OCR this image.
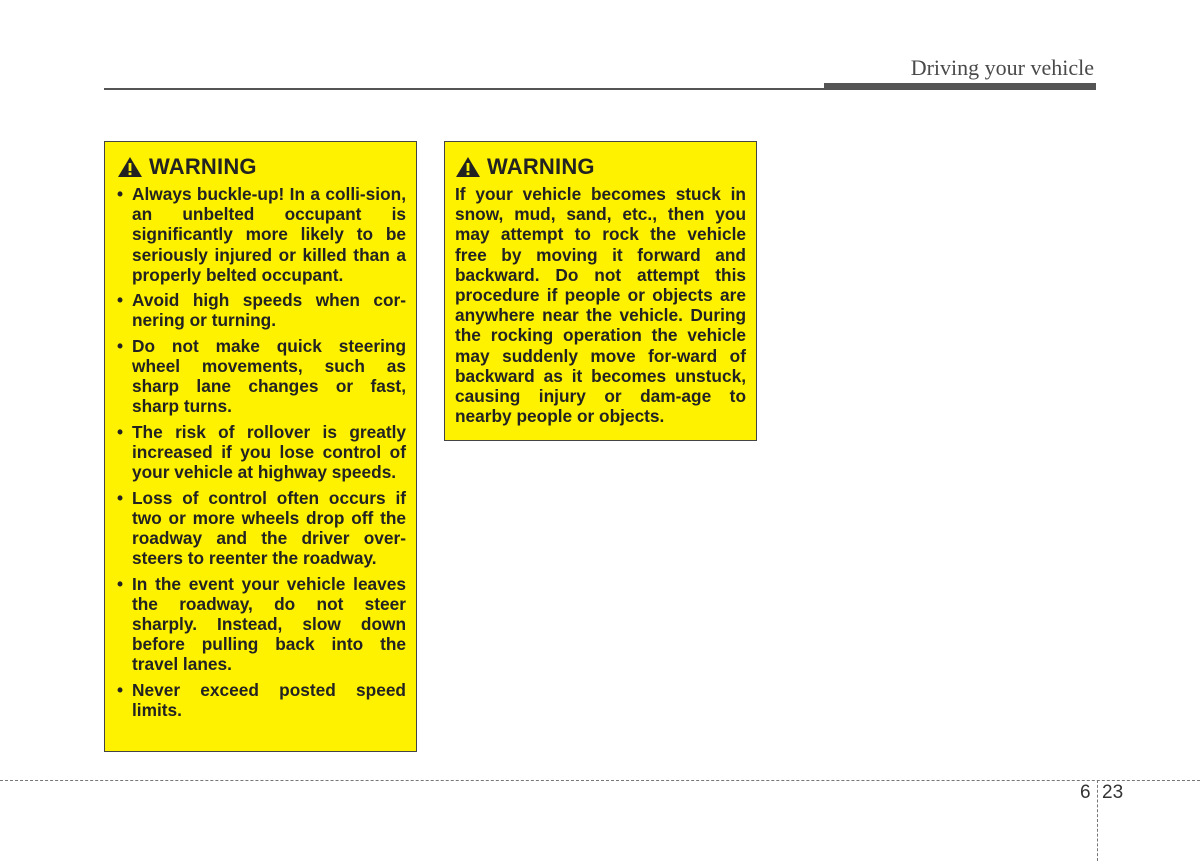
Driving your vehicle
WARNING
• Always buckle-up! In a colli-sion, an unbelted occupant is significantly more likely to be seriously injured or killed than a properly belted occupant.
• Avoid high speeds when cor-nering or turning.
• Do not make quick steering wheel movements, such as sharp lane changes or fast, sharp turns.
• The risk of rollover is greatly increased if you lose control of your vehicle at highway speeds.
• Loss of control often occurs if two or more wheels drop off the roadway and the driver over-steers to reenter the roadway.
• In the event your vehicle leaves the roadway, do not steer sharply. Instead, slow down before pulling back into the travel lanes.
• Never exceed posted speed limits.
WARNING

If your vehicle becomes stuck in snow, mud, sand, etc., then you may attempt to rock the vehicle free by moving it forward and backward. Do not attempt this procedure if people or objects are anywhere near the vehicle. During the rocking operation the vehicle may suddenly move for-ward of backward as it becomes unstuck, causing injury or dam-age to nearby people or objects.

6 23
